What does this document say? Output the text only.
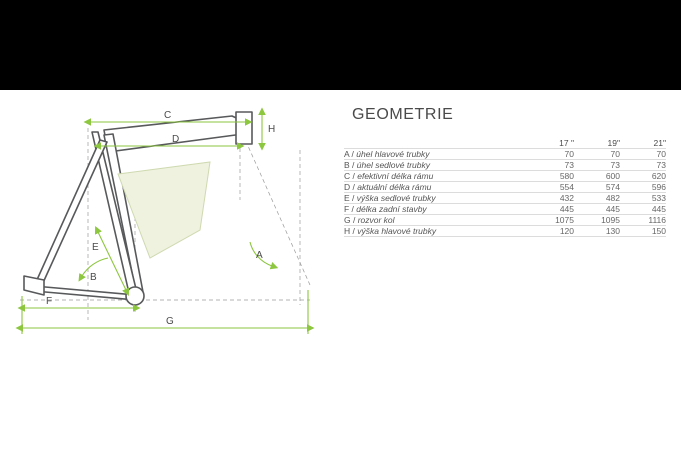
C
D
H
E
B
A
F
G
GEOMETRIE
	17 "	19"	21"
A / úhel hlavové trubky	70	70	70
B / úhel sedlové trubky	73	73	73
C / efektivní délka rámu	580	600	620
D / aktuální délka rámu	554	574	596
E / výška sedlové trubky	432	482	533
F / délka zadní stavby	445	445	445
G / rozvor kol	1075	1095	1116
H / výška hlavové trubky	120	130	150
